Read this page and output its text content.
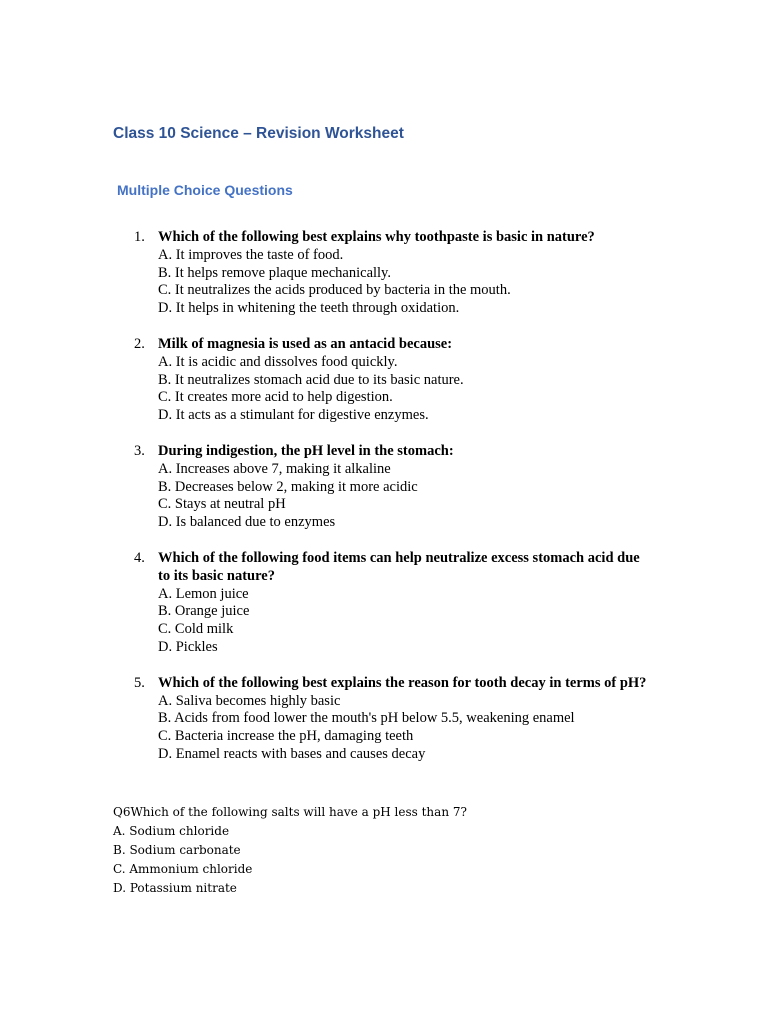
Class 10 Science – Revision Worksheet
Multiple Choice Questions
1. Which of the following best explains why toothpaste is basic in nature?
A. It improves the taste of food.
B. It helps remove plaque mechanically.
C. It neutralizes the acids produced by bacteria in the mouth.
D. It helps in whitening the teeth through oxidation.
2. Milk of magnesia is used as an antacid because:
A. It is acidic and dissolves food quickly.
B. It neutralizes stomach acid due to its basic nature.
C. It creates more acid to help digestion.
D. It acts as a stimulant for digestive enzymes.
3. During indigestion, the pH level in the stomach:
A. Increases above 7, making it alkaline
B. Decreases below 2, making it more acidic
C. Stays at neutral pH
D. Is balanced due to enzymes
4. Which of the following food items can help neutralize excess stomach acid due to its basic nature?
A. Lemon juice
B. Orange juice
C. Cold milk
D. Pickles
5. Which of the following best explains the reason for tooth decay in terms of pH?
A. Saliva becomes highly basic
B. Acids from food lower the mouth's pH below 5.5, weakening enamel
C. Bacteria increase the pH, damaging teeth
D. Enamel reacts with bases and causes decay
Q6Which of the following salts will have a pH less than 7?
A. Sodium chloride
B. Sodium carbonate
C. Ammonium chloride
D. Potassium nitrate
